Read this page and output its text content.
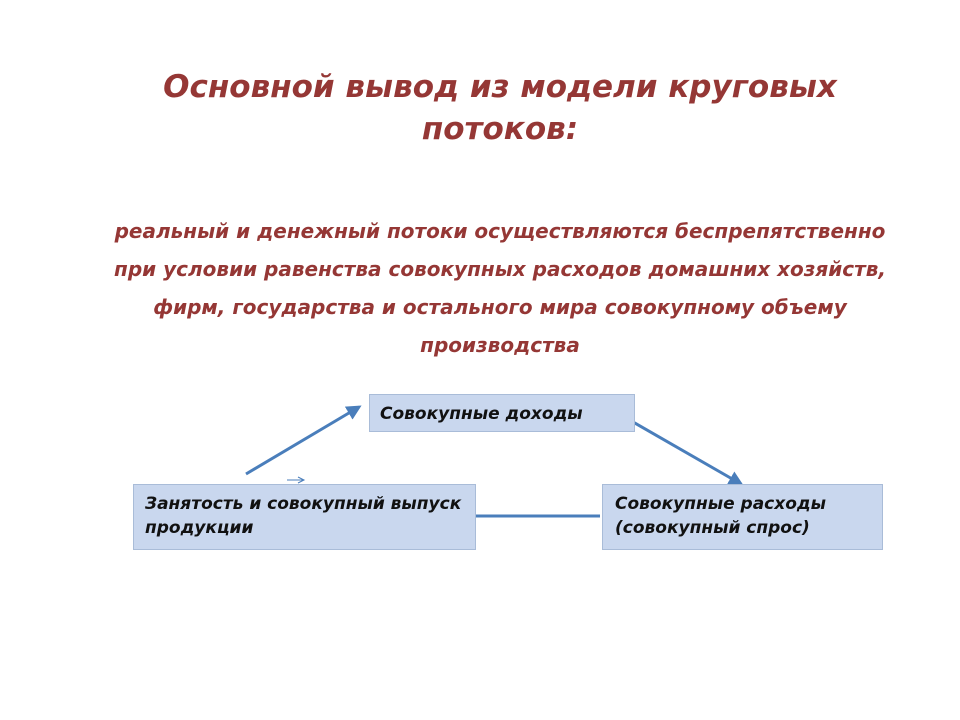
Основной вывод из модели круговых потоков:
реальный и денежный потоки осуществляются беспрепятственно при условии равенства совокупных расходов домашних хозяйств, фирм, государства и остального мира совокупному объему производства
Совокупные доходы
Занятость и совокупный выпуск продукции
Совокупные расходы (совокупный спрос)
